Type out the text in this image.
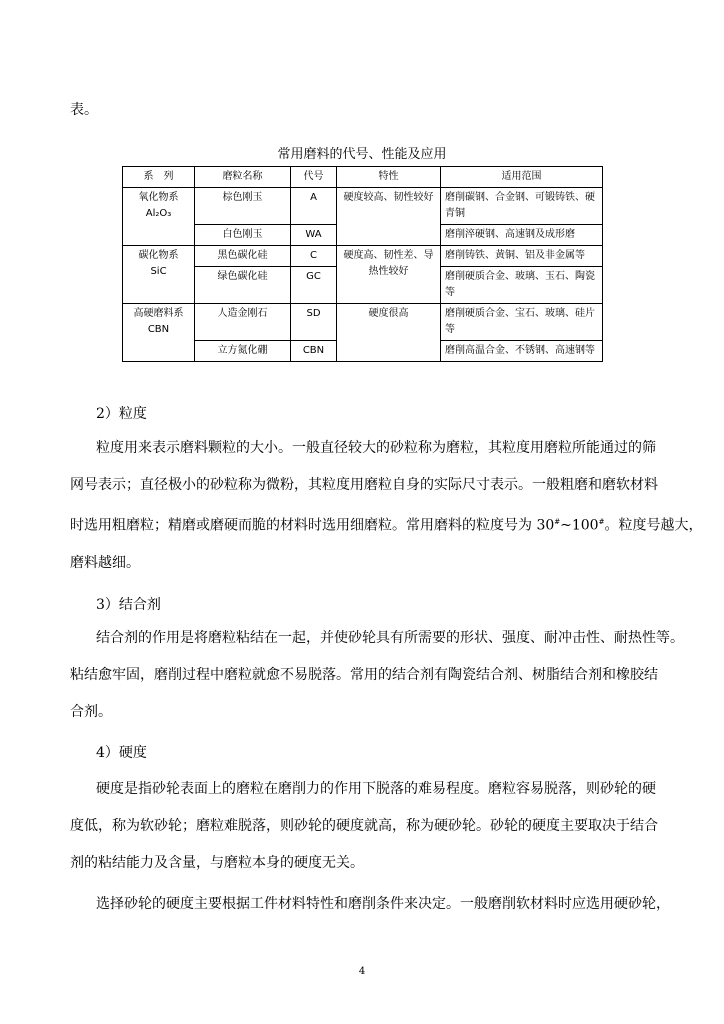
表。
常用磨料的代号、性能及应用
系　列	磨粒名称	代号	特性	适用范围

氧化物系
Al₂O₃	棕色刚玉	A	硬度较高、韧性较好	磨削碳钢、合金钢、可锻铸铁、硬青铜
	白色刚玉	WA		磨削淬硬钢、高速钢及成形磨

碳化物系
SiC	黑色碳化硅	C	硬度高、韧性差、导热性较好	磨削铸铁、黄铜、铝及非金属等
	绿色碳化硅	GC		磨削硬质合金、玻璃、玉石、陶瓷等

高硬磨料系
CBN	人造金刚石	SD	硬度很高	磨削硬质合金、宝石、玻璃、硅片等
	立方氮化硼	CBN		磨削高温合金、不锈钢、高速钢等
2）粒度
粒度用来表示磨料颗粒的大小。一般直径较大的砂粒称为磨粒，其粒度用磨粒所能通过的筛
网号表示；直径极小的砂粒称为微粉，其粒度用磨粒自身的实际尺寸表示。一般粗磨和磨软材料
时选用粗磨粒；精磨或磨硬而脆的材料时选用细磨粒。常用磨料的粒度号为 30#~100#。粒度号越大，
磨料越细。
3）结合剂
结合剂的作用是将磨粒粘结在一起，并使砂轮具有所需要的形状、强度、耐冲击性、耐热性等。
粘结愈牢固，磨削过程中磨粒就愈不易脱落。常用的结合剂有陶瓷结合剂、树脂结合剂和橡胶结
合剂。
4）硬度
硬度是指砂轮表面上的磨粒在磨削力的作用下脱落的难易程度。磨粒容易脱落，则砂轮的硬
度低，称为软砂轮；磨粒难脱落，则砂轮的硬度就高，称为硬砂轮。砂轮的硬度主要取决于结合
剂的粘结能力及含量，与磨粒本身的硬度无关。
选择砂轮的硬度主要根据工件材料特性和磨削条件来决定。一般磨削软材料时应选用硬砂轮，
4
